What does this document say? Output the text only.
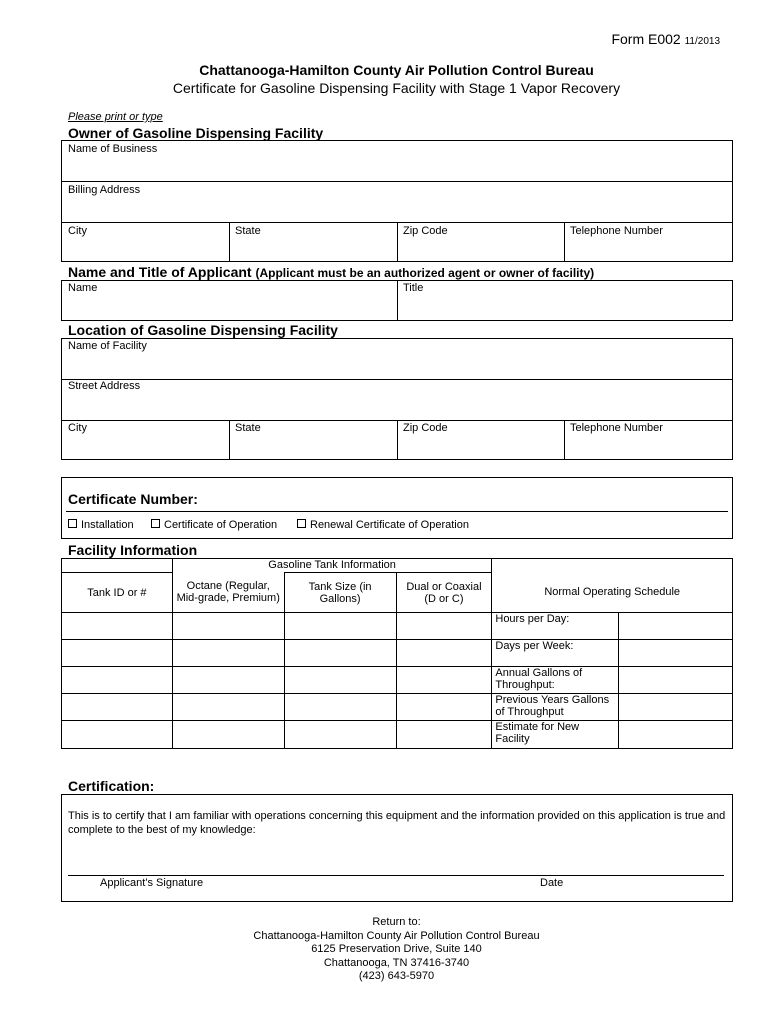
Form E002 11/2013
Chattanooga-Hamilton County Air Pollution Control Bureau
Certificate for Gasoline Dispensing Facility with Stage 1 Vapor Recovery
Please print or type
Owner of Gasoline Dispensing Facility
Name of Business
Billing Address
City	State	Zip Code	Telephone Number
Name and Title of Applicant (Applicant must be an authorized agent or owner of facility)
Name	Title
Location of Gasoline Dispensing Facility
Name of Facility
Street Address
City	State	Zip Code	Telephone Number
Certificate Number:
Installation	Certificate of Operation	Renewal Certificate of Operation
Facility Information
	Gasoline Tank Information				
Tank ID or #	Octane (Regular, Mid-grade, Premium)	Tank Size (in Gallons)	Dual or Coaxial (D or C)	Normal Operating Schedule	
				Hours per Day:	
				Days per Week:	
				Annual Gallons of Throughput:	
				Previous Years Gallons of Throughput	
				Estimate for New Facility	
Certification:
This is to certify that I am familiar with operations concerning this equipment and the information provided on this application is true and complete to the best of my knowledge:
Applicant’s Signature	Date
Return to:
Chattanooga-Hamilton County Air Pollution Control Bureau
6125 Preservation Drive, Suite 140
Chattanooga, TN 37416-3740
(423) 643-5970
